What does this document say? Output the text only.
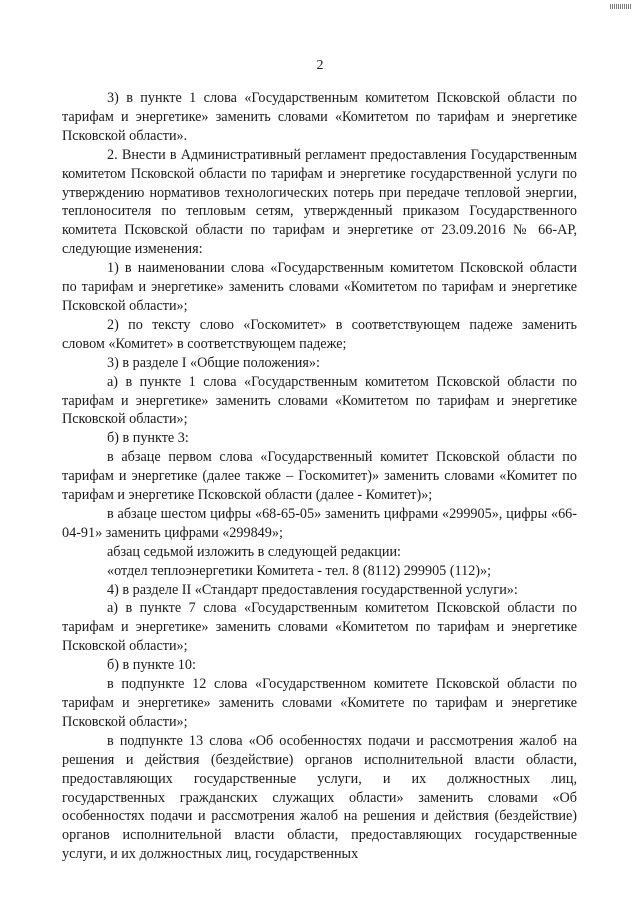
2

3) в пункте 1 слова «Государственным комитетом Псковской области по тарифам и энергетике» заменить словами «Комитетом по тарифам и энергетике Псковской области».

2. Внести в Административный регламент предоставления Государственным комитетом Псковской области по тарифам и энергетике государственной услуги по утверждению нормативов технологических потерь при передаче тепловой энергии, теплоносителя по тепловым сетям, утвержденный приказом Государственного комитета Псковской области по тарифам и энергетике от 23.09.2016 № 66-АР, следующие изменения:

1) в наименовании слова «Государственным комитетом Псковской области по тарифам и энергетике» заменить словами «Комитетом по тарифам и энергетике Псковской области»;

2) по тексту слово «Госкомитет» в соответствующем падеже заменить словом «Комитет» в соответствующем падеже;

3) в разделе I «Общие положения»:

а) в пункте 1 слова «Государственным комитетом Псковской области по тарифам и энергетике» заменить словами «Комитетом по тарифам и энергетике Псковской области»;

б) в пункте 3:

в абзаце первом слова «Государственный комитет Псковской области по тарифам и энергетике (далее также – Госкомитет)» заменить словами «Комитет по тарифам и энергетике Псковской области (далее - Комитет)»;

в абзаце шестом цифры «68-65-05» заменить цифрами «299905», цифры «66-04-91» заменить цифрами «299849»;

абзац седьмой изложить в следующей редакции:

«отдел теплоэнергетики Комитета - тел. 8 (8112) 299905 (112)»;

4) в разделе II «Стандарт предоставления государственной услуги»:

а) в пункте 7 слова «Государственным комитетом Псковской области по тарифам и энергетике» заменить словами «Комитетом по тарифам и энергетике Псковской области»;

б) в пункте 10:

в подпункте 12 слова «Государственном комитете Псковской области по тарифам и энергетике» заменить словами «Комитете по тарифам и энергетике Псковской области»;

в подпункте 13 слова «Об особенностях подачи и рассмотрения жалоб на решения и действия (бездействие) органов исполнительной власти области, предоставляющих государственные услуги, и их должностных лиц, государственных гражданских служащих области» заменить словами «Об особенностях подачи и рассмотрения жалоб на решения и действия (бездействие) органов исполнительной власти области, предоставляющих государственные услуги, и их должностных лиц, государственных
